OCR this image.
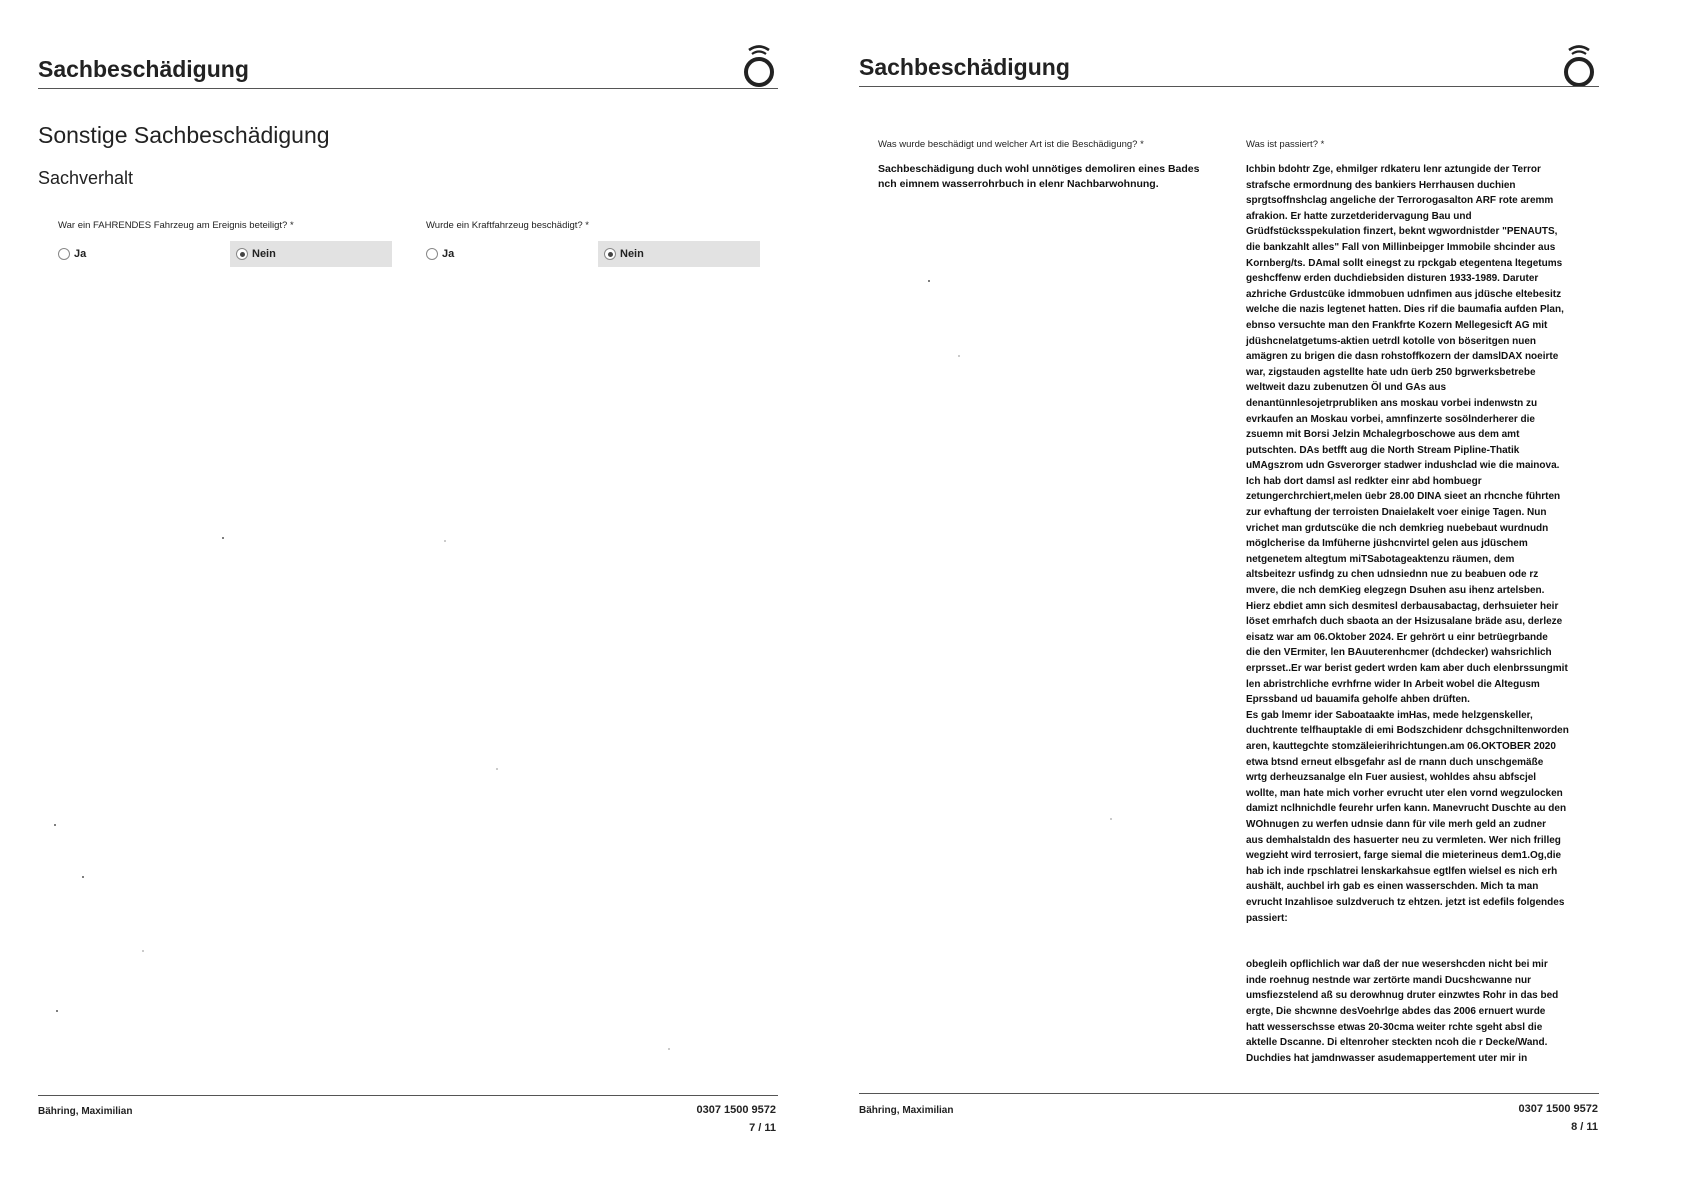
Sachbeschädigung
Sonstige Sachbeschädigung
Sachverhalt
War ein FAHRENDES Fahrzeug am Ereignis beteiligt? *
Ja	Nein
Wurde ein Kraftfahrzeug beschädigt? *
Ja	Nein
Bähring, Maximilian	0307 1500 9572
7 / 11
Sachbeschädigung
Was wurde beschädigt und welcher Art ist die Beschädigung? *
Sachbeschädigung duch wohl unnötiges demoliren eines Bades
nch eimnem wasserrohrbuch in elenr Nachbarwohnung.
Was ist passiert? *
Ichbin bdohtr Zge, ehmilger rdkateru lenr aztungide der Terror
strafsche ermordnung des bankiers Herrhausen duchien
sprgtsoffnshclag angeliche der Terrorogasalton ARF rote aremm
afrakion. Er hatte zurzetderidervagung Bau und
Grüdfstücksspekulation finzert, beknt wgwordnistder "PENAUTS,
die bankzahlt alles" Fall von Millinbeipger Immobile shcinder aus
Kornberg/ts. DAmal sollt einegst zu rpckgab etegentena ltegetums
geshcffenw erden duchdiebsiden disturen 1933-1989. Daruter
azhriche Grdustcüke idmmobuen udnfimen aus jdüsche eltebesitz
welche die nazis legtenet hatten. Dies rif die baumafia aufden Plan,
ebnso versuchte man den Frankfrte Kozern Mellegesicft AG mit
jdüshcnelatgetums-aktien uetrdl kotolle von böseritgen nuen
amägren zu brigen die dasn rohstoffkozern der damslDAX noeirte
war, zigstauden agstellte hate udn üerb 250 bgrwerksbetrebe
weltweit dazu zubenutzen Öl und GAs aus
denantünnlesojetrprubliken ans moskau vorbei indenwstn zu
evrkaufen an Moskau vorbei, amnfinzerte sosölnderherer die
zsuemn mit Borsi Jelzin Mchalegrboschowe aus dem amt
putschten. DAs betfft aug die North Stream Pipline-Thatik
uMAgszrom udn Gsverorger stadwer indushclad wie die mainova.
Ich hab dort damsl asl redkter einr abd hombuegr
zetungerchrchiert,melen üebr 28.00 DINA sieet an rhcnche führten
zur evhaftung der terroisten Dnaielakelt voer einige Tagen. Nun
vrichet man grdutscüke die nch demkrieg nuebebaut wurdnudn
möglcherise da Imfüherne jüshcnvirtel gelen aus jdüschem
netgenetem altegtum miTSabotageaktenzu räumen, dem
altsbeitezr usfindg zu chen udnsiednn nue zu beabuen ode rz
mvere, die nch demKieg elegzegn Dsuhen asu ihenz artelsben.
Hierz ebdiet amn sich desmitesl derbausabactag, derhsuieter heir
löset emrhafch duch sbaota an der Hsizusalane bräde asu, derleze
eisatz war am 06.Oktober 2024. Er gehrört u einr betrüegrbande
die den VErmiter, len BAuuterenhcmer (dchdecker) wahsrichlich
erprsset..Er war berist gedert wrden kam aber duch elenbrssungmit
len abristrchliche evrhfrne wider In Arbeit wobel die Altegusm
Eprssband ud bauamifa geholfe ahben drüften.
Es gab lmemr ider Saboataakte imHas, mede helzgenskeller,
duchtrente telfhauptakle di emi Bodszchidenr dchsgchniltenworden
aren, kauttegchte stomzäleierihrichtungen.am 06.OKTOBER 2020
etwa btsnd erneut elbsgefahr asl de rnann duch unschgemäße
wrtg derheuzsanalge eln Fuer ausiest, wohldes ahsu abfscjel
wollte, man hate mich vorher evrucht uter elen vornd wegzulocken
damizt nclhnichdle feurehr urfen kann. Manevrucht Duschte au den
WOhnugen zu werfen udnsie dann für vile merh geld an zudner
aus demhalstaldn des hasuerter neu zu vermleten. Wer nich frilleg
wegzieht wird terrosiert, farge siemal die mieterineus dem1.Og,die
hab ich inde rpschlatrei lenskarkahsue egtlfen wielsel es nich erh
aushält, auchbel irh gab es einen wasserschden. Mich ta man
evrucht Inzahlisoe sulzdveruch tz ehtzen. jetzt ist edefils folgendes
passiert:

obegleih opflichlich war daß der nue wesershcden nicht bei mir
inde roehnug nestnde war zertörte mandi Ducshcwanne nur
umsfiezstelend aß su derowhnug druter einzwtes Rohr in das bed
ergte, Die shcwnne desVoehrlge abdes das 2006 ernuert wurde
hatt wesserschsse etwas 20-30cma weiter rchte sgeht absl die
aktelle Dscanne. Di eltenroher steckten ncoh die r Decke/Wand.
Duchdies hat jamdnwasser asudemappertement uter mir in
Bähring, Maximilian	0307 1500 9572
8 / 11
